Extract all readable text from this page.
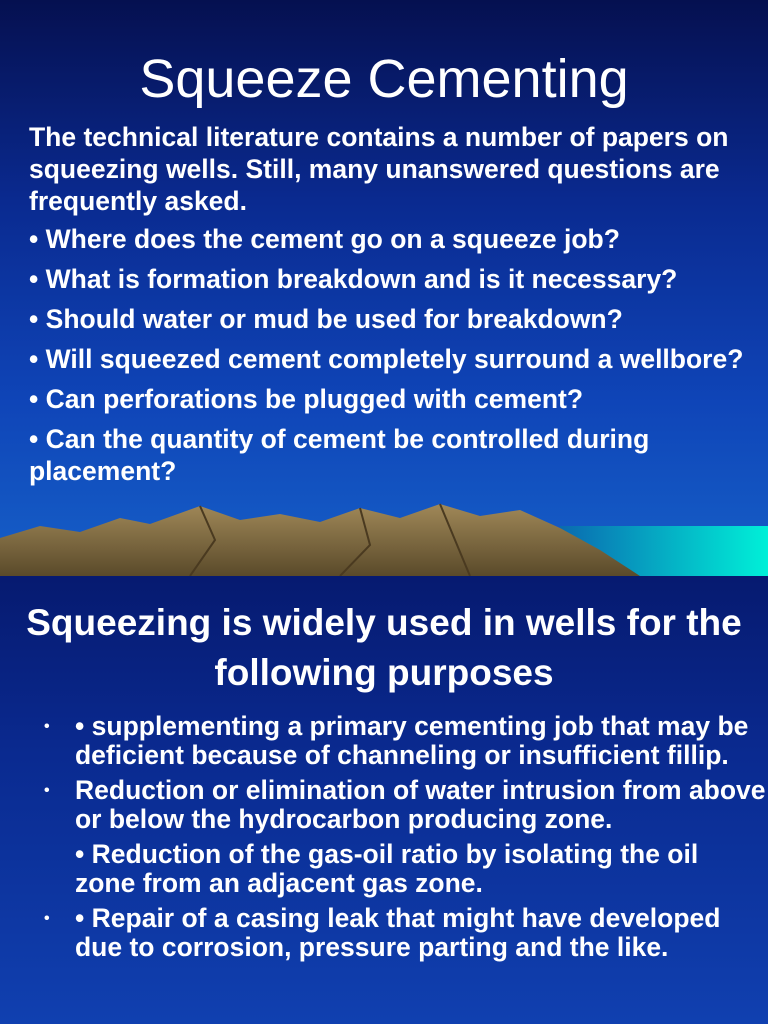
Squeeze Cementing

The technical literature contains a number of papers on squeezing wells. Still, many unanswered questions are frequently asked.

• Where does the cement go on a squeeze job?

• What is formation breakdown and is it necessary?

• Should water or mud be used for breakdown?

• Will squeezed cement completely surround a wellbore?

• Can perforations be plugged with cement?

• Can the quantity of cement be controlled during placement?

Squeezing is widely used in wells for the following purposes
• • supplementing a primary cementing job that may be deficient because of channeling or insufficient fillip.
• Reduction or elimination of water intrusion from above or below the hydrocarbon producing zone.
• Reduction of the gas-oil ratio by isolating the oil zone from an adjacent gas zone.
• • Repair of a casing leak that might have developed due to corrosion, pressure parting and the like.
